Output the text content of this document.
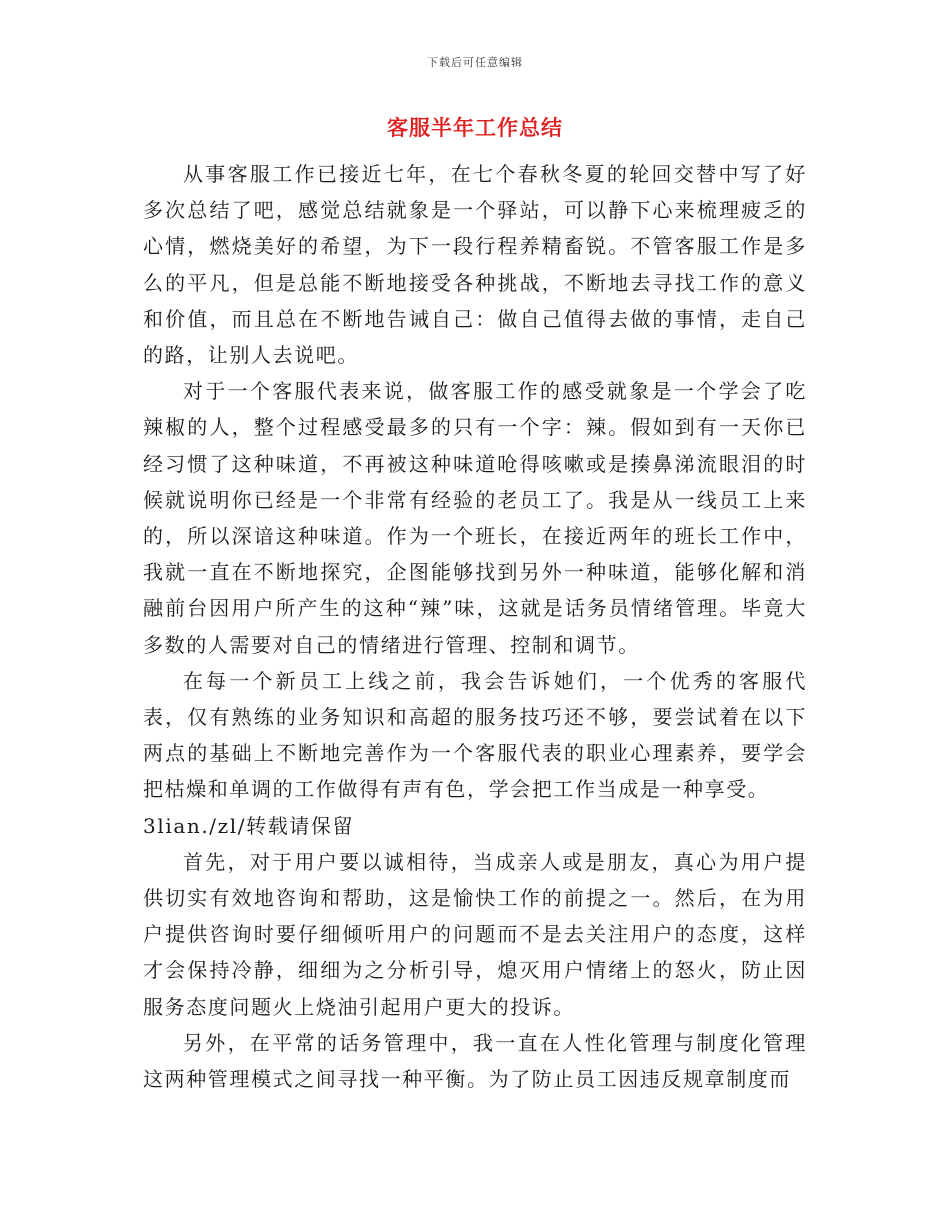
下载后可任意编辑
客服半年工作总结

从事客服工作已接近七年，在七个春秋冬夏的轮回交替中写了好多次总结了吧，感觉总结就象是一个驿站，可以静下心来梳理疲乏的心情，燃烧美好的希望，为下一段行程养精畜锐。不管客服工作是多么的平凡，但是总能不断地接受各种挑战，不断地去寻找工作的意义和价值，而且总在不断地告诫自己：做自己值得去做的事情，走自己的路，让别人去说吧。

对于一个客服代表来说，做客服工作的感受就象是一个学会了吃辣椒的人，整个过程感受最多的只有一个字：辣。假如到有一天你已经习惯了这种味道，不再被这种味道呛得咳嗽或是揍鼻涕流眼泪的时候就说明你已经是一个非常有经验的老员工了。我是从一线员工上来的，所以深谙这种味道。作为一个班长，在接近两年的班长工作中，我就一直在不断地探究，企图能够找到另外一种味道，能够化解和消融前台因用户所产生的这种“辣”味，这就是话务员情绪管理。毕竟大多数的人需要对自己的情绪进行管理、控制和调节。

在每一个新员工上线之前，我会告诉她们，一个优秀的客服代表，仅有熟练的业务知识和高超的服务技巧还不够，要尝试着在以下两点的基础上不断地完善作为一个客服代表的职业心理素养，要学会把枯燥和单调的工作做得有声有色，学会把工作当成是一种享受。

3lian./zl/转载请保留

首先，对于用户要以诚相待，当成亲人或是朋友，真心为用户提供切实有效地咨询和帮助，这是愉快工作的前提之一。然后，在为用户提供咨询时要仔细倾听用户的问题而不是去关注用户的态度，这样才会保持冷静，细细为之分析引导，熄灭用户情绪上的怒火，防止因服务态度问题火上烧油引起用户更大的投诉。

另外，在平常的话务管理中，我一直在人性化管理与制度化管理这两种管理模式之间寻找一种平衡。为了防止员工因违反规章制度而
